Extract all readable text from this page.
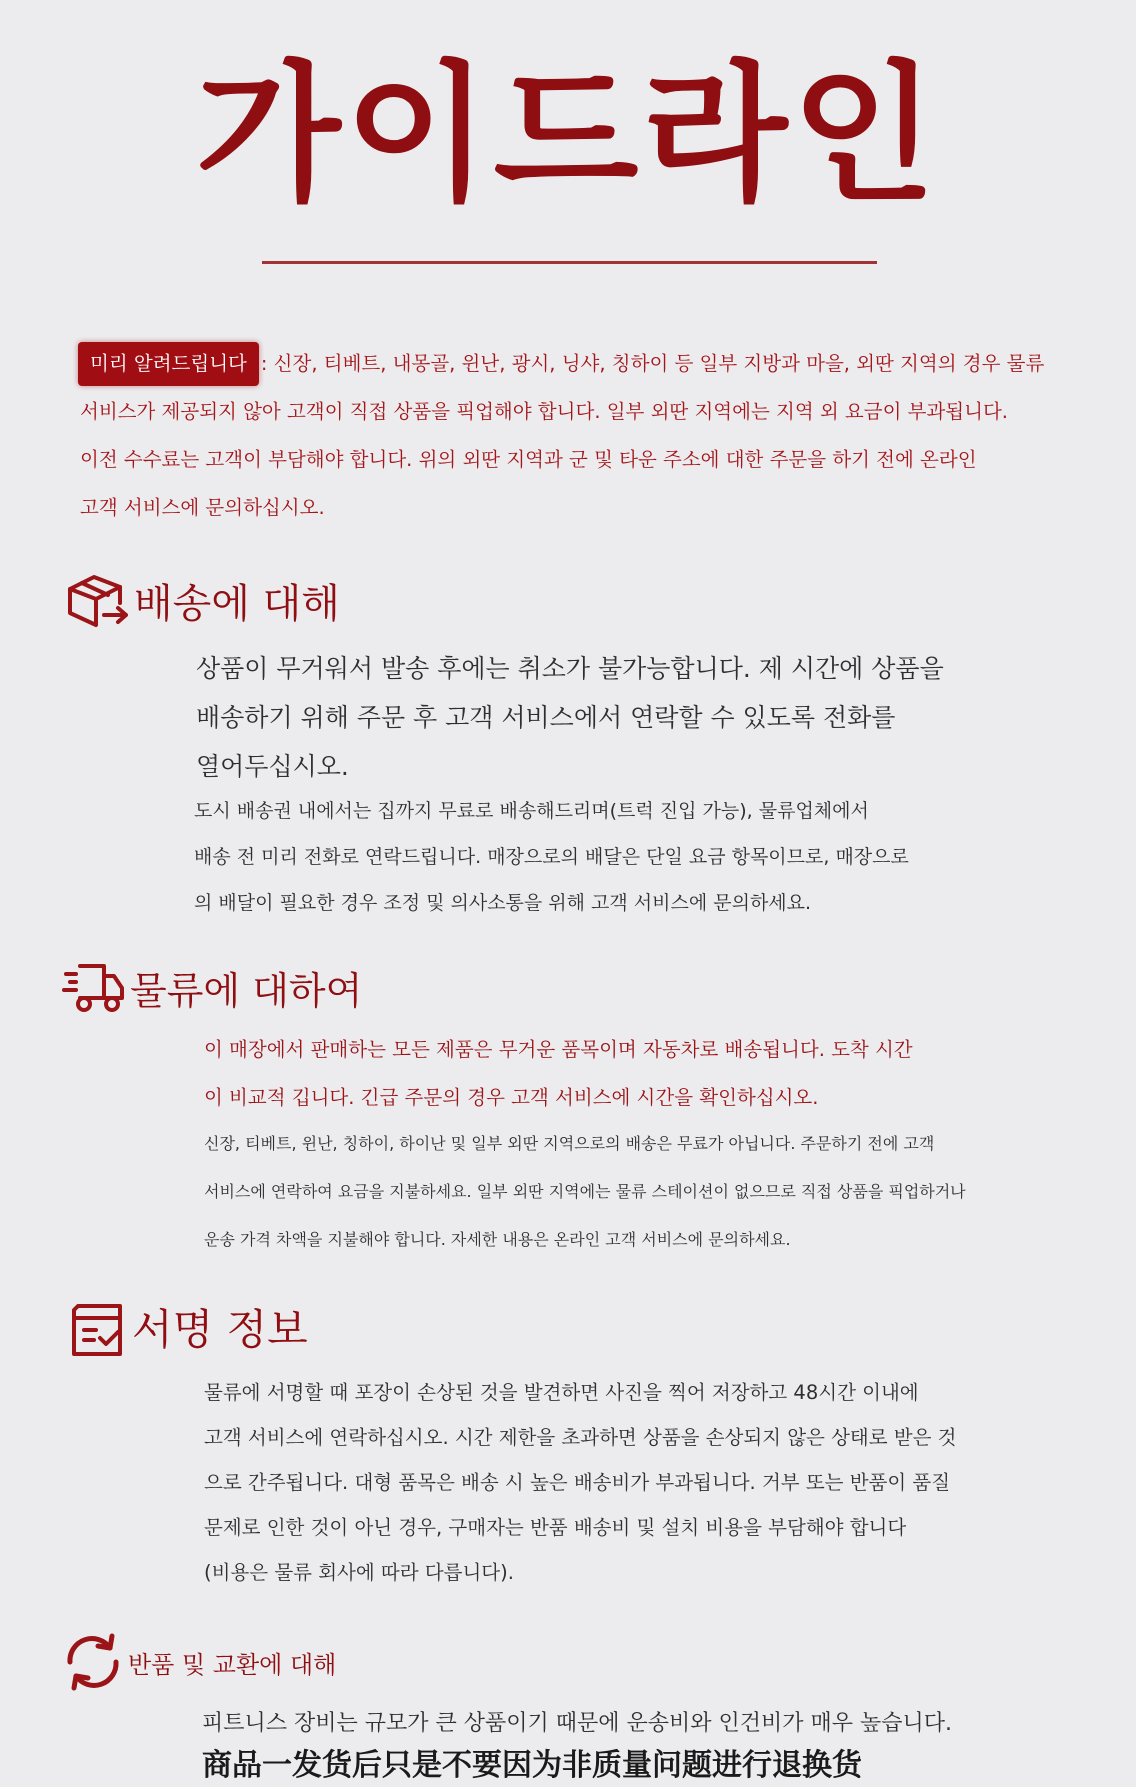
가이드라인

미리 알려드립니다 : 신장, 티베트, 내몽골, 윈난, 광시, 닝샤, 칭하이 등 일부 지방과 마을, 외딴 지역의 경우 물류

서비스가 제공되지 않아 고객이 직접 상품을 픽업해야 합니다. 일부 외딴 지역에는 지역 외 요금이 부과됩니다.

이전 수수료는 고객이 부담해야 합니다. 위의 외딴 지역과 군 및 타운 주소에 대한 주문을 하기 전에 온라인

고객 서비스에 문의하십시오.

배송에 대해

상품이 무거워서 발송 후에는 취소가 불가능합니다. 제 시간에 상품을

배송하기 위해 주문 후 고객 서비스에서 연락할 수 있도록 전화를

열어두십시오.

도시 배송권 내에서는 집까지 무료로 배송해드리며(트럭 진입 가능), 물류업체에서

배송 전 미리 전화로 연락드립니다. 매장으로의 배달은 단일 요금 항목이므로, 매장으로

의 배달이 필요한 경우 조정 및 의사소통을 위해 고객 서비스에 문의하세요.

물류에 대하여

이 매장에서 판매하는 모든 제품은 무거운 품목이며 자동차로 배송됩니다. 도착 시간

이 비교적 깁니다. 긴급 주문의 경우 고객 서비스에 시간을 확인하십시오.

신장, 티베트, 윈난, 칭하이, 하이난 및 일부 외딴 지역으로의 배송은 무료가 아닙니다. 주문하기 전에 고객

서비스에 연락하여 요금을 지불하세요. 일부 외딴 지역에는 물류 스테이션이 없으므로 직접 상품을 픽업하거나

운송 가격 차액을 지불해야 합니다. 자세한 내용은 온라인 고객 서비스에 문의하세요.

서명 정보

물류에 서명할 때 포장이 손상된 것을 발견하면 사진을 찍어 저장하고 48시간 이내에

고객 서비스에 연락하십시오. 시간 제한을 초과하면 상품을 손상되지 않은 상태로 받은 것

으로 간주됩니다. 대형 품목은 배송 시 높은 배송비가 부과됩니다. 거부 또는 반품이 품질

문제로 인한 것이 아닌 경우, 구매자는 반품 배송비 및 설치 비용을 부담해야 합니다

(비용은 물류 회사에 따라 다릅니다).

반품 및 교환에 대해

피트니스 장비는 규모가 큰 상품이기 때문에 운송비와 인건비가 매우 높습니다.

商品一发货后只是不要因为非质量问题进行退换货
